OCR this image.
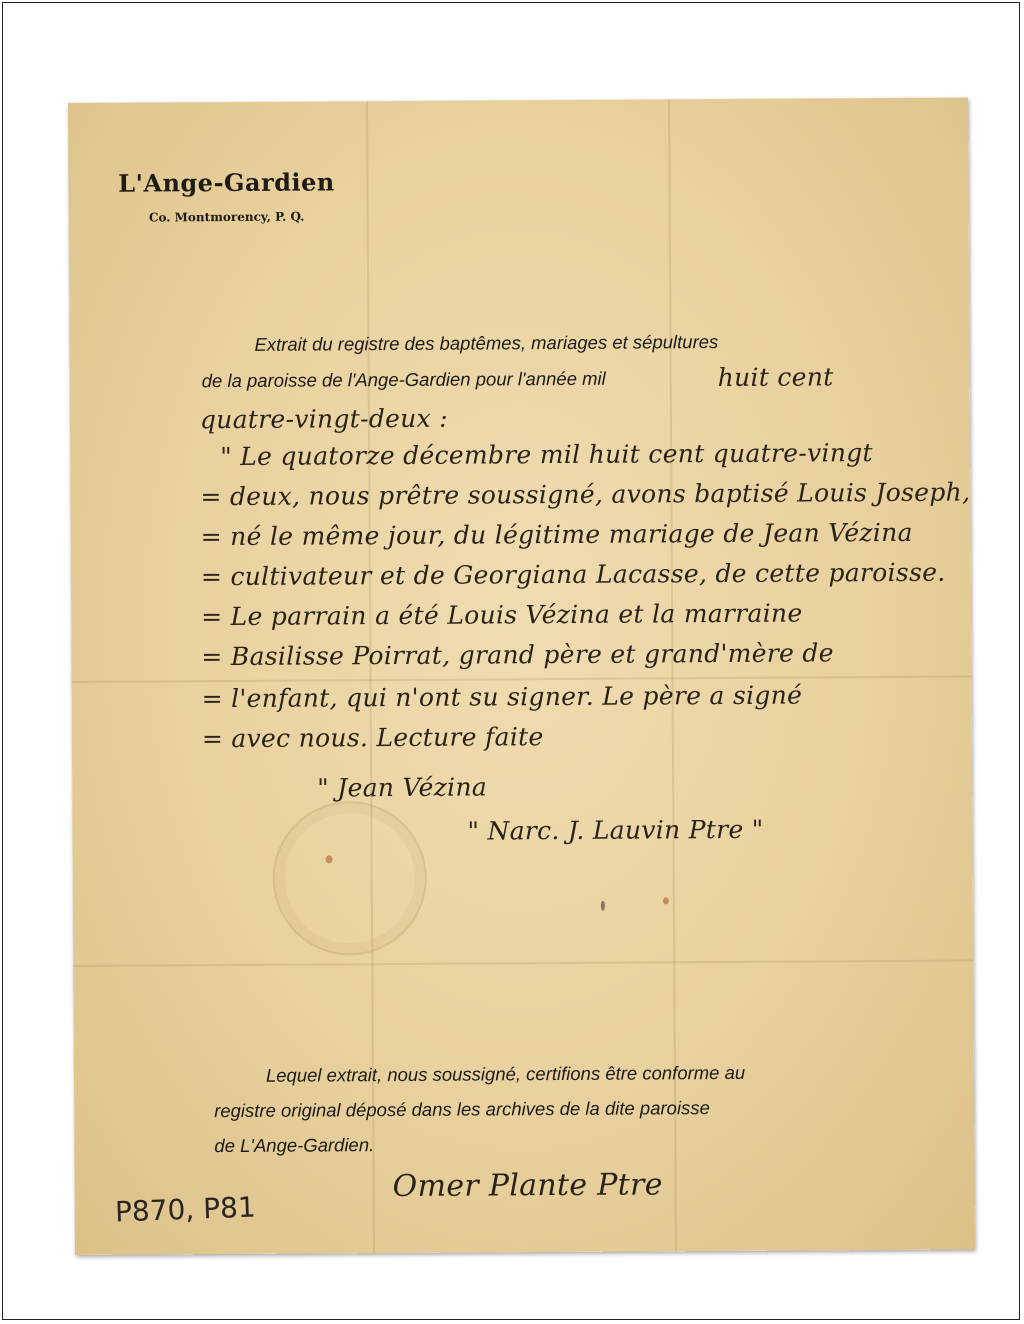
L'Ange-Gardien
Co. Montmorency, P. Q.
Extrait du registre des baptêmes, mariages et sépultures
de la paroisse de l'Ange-Gardien pour l'année mil	huit cent
quatre-vingt-deux :
" Le quatorze décembre mil huit cent quatre-vingt
= deux, nous prêtre soussigné, avons baptisé Louis Joseph,
= né le même jour, du légitime mariage de Jean Vézina
= cultivateur et de Georgiana Lacasse, de cette paroisse.
= Le parrain a été Louis Vézina et la marraine
= Basilisse Poirrat, grand père et grand'mère de
= l'enfant, qui n'ont su signer. Le père a signé
= avec nous. Lecture faite
" Jean Vézina
" Narc. J. Lauvin Ptre "
Lequel extrait, nous soussigné, certifions être conforme au
registre original déposé dans les archives de la dite paroisse
de L'Ange-Gardien.
Omer Plante Ptre
P870, P81
